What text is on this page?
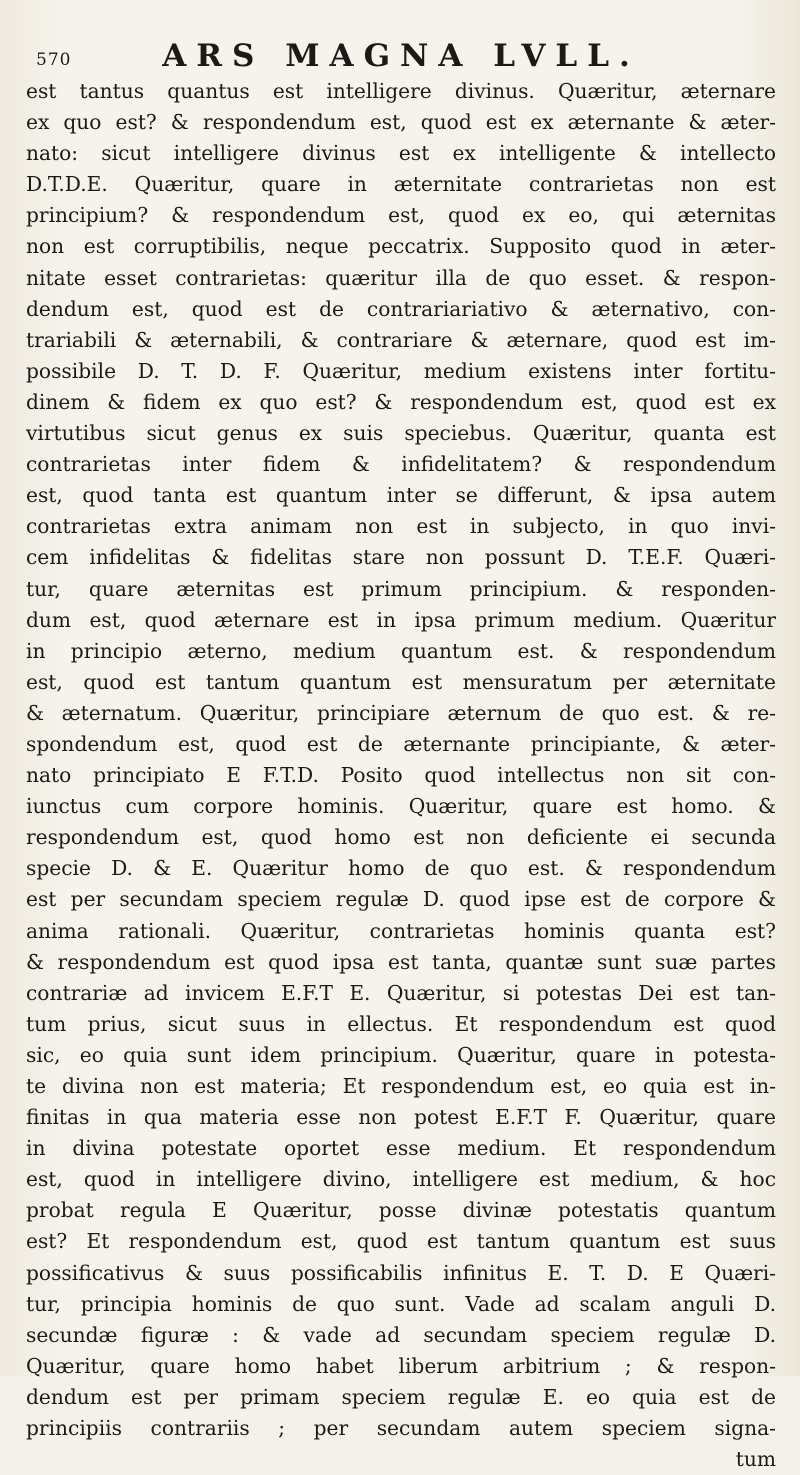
570	ARS MAGNA LVLL.
est tantus quantus est intelligere divinus. Quæritur, æternare
ex quo est? & respondendum est, quod est ex æternante & æter-
nato: sicut intelligere divinus est ex intelligente & intellecto
D.T.D.E. Quæritur, quare in æternitate contrarietas non est
principium? & respondendum est, quod ex eo, qui æternitas
non est corruptibilis, neque peccatrix. Supposito quod in æter-
nitate esset contrarietas: quæritur illa de quo esset. & respon-
dendum est, quod est de contrariariativo & æternativo, con-
trariabili & æternabili, & contrariare & æternare, quod est im-
possibile D. T. D. F. Quæritur, medium existens inter fortitu-
dinem & fidem ex quo est? & respondendum est, quod est ex
virtutibus sicut genus ex suis speciebus. Quæritur, quanta est
contrarietas inter fidem & infidelitatem? & respondendum
est, quod tanta est quantum inter se differunt, & ipsa autem
contrarietas extra animam non est in subjecto, in quo invi-
cem infidelitas & fidelitas stare non possunt D. T.E.F. Quæri-
tur, quare æternitas est primum principium. & responden-
dum est, quod æternare est in ipsa primum medium. Quæritur
in principio æterno, medium quantum est. & respondendum
est, quod est tantum quantum est mensuratum per æternitate
& æternatum. Quæritur, principiare æternum de quo est. & re-
spondendum est, quod est de æternante principiante, & æter-
nato principiato E F.T.D. Posito quod intellectus non sit con-
iunctus cum corpore hominis. Quæritur, quare est homo. &
respondendum est, quod homo est non deficiente ei secunda
specie D. & E. Quæritur homo de quo est. & respondendum
est per secundam speciem regulæ D. quod ipse est de corpore &
anima rationali. Quæritur, contrarietas hominis quanta est?
& respondendum est quod ipsa est tanta, quantæ sunt suæ partes
contrariæ ad invicem E.F.T E. Quæritur, si potestas Dei est tan-
tum prius, sicut suus in ellectus. Et respondendum est quod
sic, eo quia sunt idem principium. Quæritur, quare in potesta-
te divina non est materia; Et respondendum est, eo quia est in-
finitas in qua materia esse non potest E.F.T F. Quæritur, quare
in divina potestate oportet esse medium. Et respondendum
est, quod in intelligere divino, intelligere est medium, & hoc
probat regula E Quæritur, posse divinæ potestatis quantum
est? Et respondendum est, quod est tantum quantum est suus
possificativus & suus possificabilis infinitus E. T. D. E Quæri-
tur, principia hominis de quo sunt. Vade ad scalam anguli D.
secundæ figuræ : & vade ad secundam speciem regulæ D.
Quæritur, quare homo habet liberum arbitrium ; & respon-
dendum est per primam speciem regulæ E. eo quia est de
principiis contrariis ; per secundam autem speciem signa-
tum
